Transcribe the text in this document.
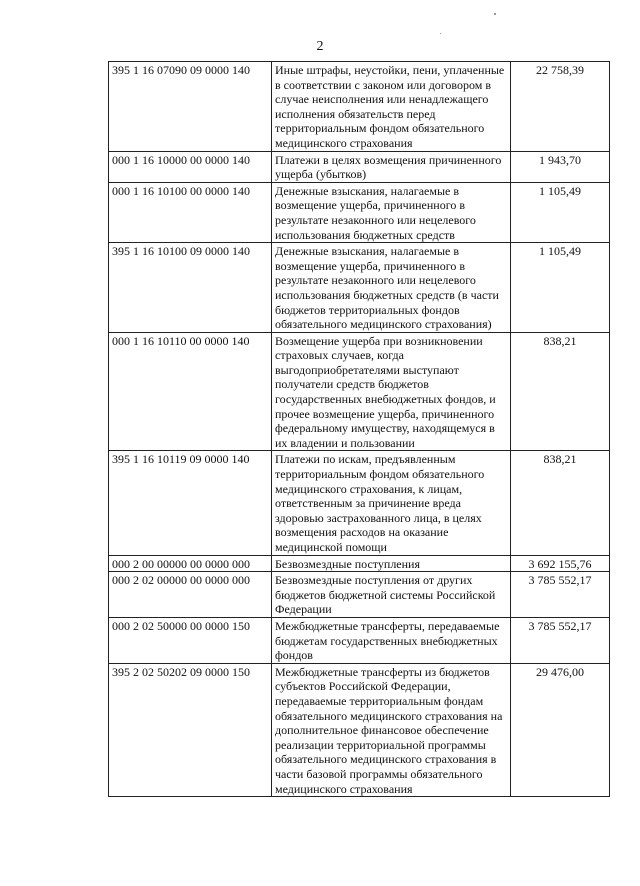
2
395 1 16 07090 09 0000 140	Иные штрафы, неустойки, пени, уплаченные в соответствии с законом или договором в случае неисполнения или ненадлежащего исполнения обязательств перед территориальным фондом обязательного медицинского страхования	22 758,39
000 1 16 10000 00 0000 140	Платежи в целях возмещения причиненного ущерба (убытков)	1 943,70
000 1 16 10100 00 0000 140	Денежные взыскания, налагаемые в возмещение ущерба, причиненного в результате незаконного или нецелевого использования бюджетных средств	1 105,49
395 1 16 10100 09 0000 140	Денежные взыскания, налагаемые в возмещение ущерба, причиненного в результате незаконного или нецелевого использования бюджетных средств (в части бюджетов территориальных фондов обязательного медицинского страхования)	1 105,49
000 1 16 10110 00 0000 140	Возмещение ущерба при возникновении страховых случаев, когда выгодоприобретателями выступают получатели средств бюджетов государственных внебюджетных фондов, и прочее возмещение ущерба, причиненного федеральному имуществу, находящемуся в их владении и пользовании	838,21
395 1 16 10119 09 0000 140	Платежи по искам, предъявленным территориальным фондом обязательного медицинского страхования, к лицам, ответственным за причинение вреда здоровью застрахованного лица, в целях возмещения расходов на оказание медицинской помощи	838,21
000 2 00 00000 00 0000 000	Безвозмездные поступления	3 692 155,76
000 2 02 00000 00 0000 000	Безвозмездные поступления от других бюджетов бюджетной системы Российской Федерации	3 785 552,17
000 2 02 50000 00 0000 150	Межбюджетные трансферты, передаваемые бюджетам государственных внебюджетных фондов	3 785 552,17
395 2 02 50202 09 0000 150	Межбюджетные трансферты из бюджетов субъектов Российской Федерации, передаваемые территориальным фондам обязательного медицинского страхования на дополнительное финансовое обеспечение реализации территориальной программы обязательного медицинского страхования в части базовой программы обязательного медицинского страхования	29 476,00
